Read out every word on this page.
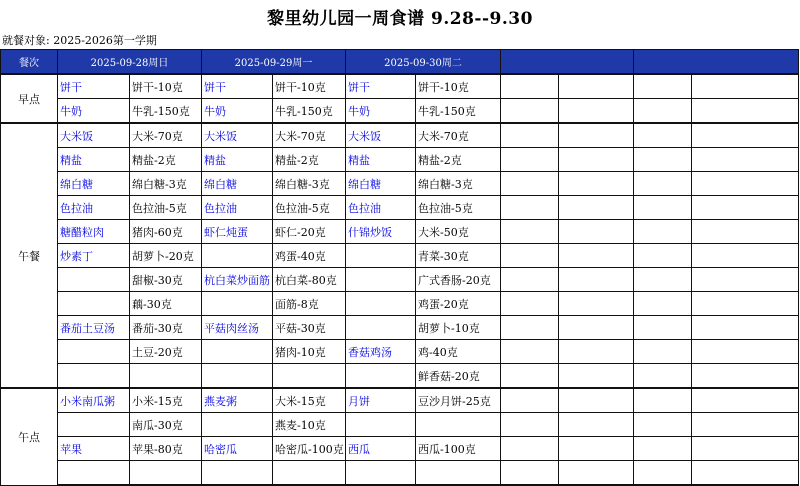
黎里幼儿园一周食谱 9.28--9.30
就餐对象: 2025-2026第一学期
餐次	2025-09-28周日		2025-09-29周一		2025-09-30周二					
早点	饼干	饼干-10克	饼干	饼干-10克	饼干	饼干-10克				
	牛奶	牛乳-150克	牛奶	牛乳-150克	牛奶	牛乳-150克				
午餐	大米饭	大米-70克	大米饭	大米-70克	大米饭	大米-70克				
	精盐	精盐-2克	精盐	精盐-2克	精盐	精盐-2克				
	绵白糖	绵白糖-3克	绵白糖	绵白糖-3克	绵白糖	绵白糖-3克				
	色拉油	色拉油-5克	色拉油	色拉油-5克	色拉油	色拉油-5克				
	糖醋粒肉	猪肉-60克	虾仁炖蛋	虾仁-20克	什锦炒饭	大米-50克				
	炒素丁	胡萝卜-20克		鸡蛋-40克		青菜-30克				
		甜椒-30克	杭白菜炒面筋	杭白菜-80克		广式香肠-20克				
		藕-30克		面筋-8克		鸡蛋-20克				
	番茄土豆汤	番茄-30克	平菇肉丝汤	平菇-30克		胡萝卜-10克				
		土豆-20克		猪肉-10克	香菇鸡汤	鸡-40克				
						鲜香菇-20克				
午点	小米南瓜粥	小米-15克	燕麦粥	大米-15克	月饼	豆沙月饼-25克				
		南瓜-30克		燕麦-10克						
	苹果	苹果-80克	哈密瓜	哈密瓜-100克	西瓜	西瓜-100克				
